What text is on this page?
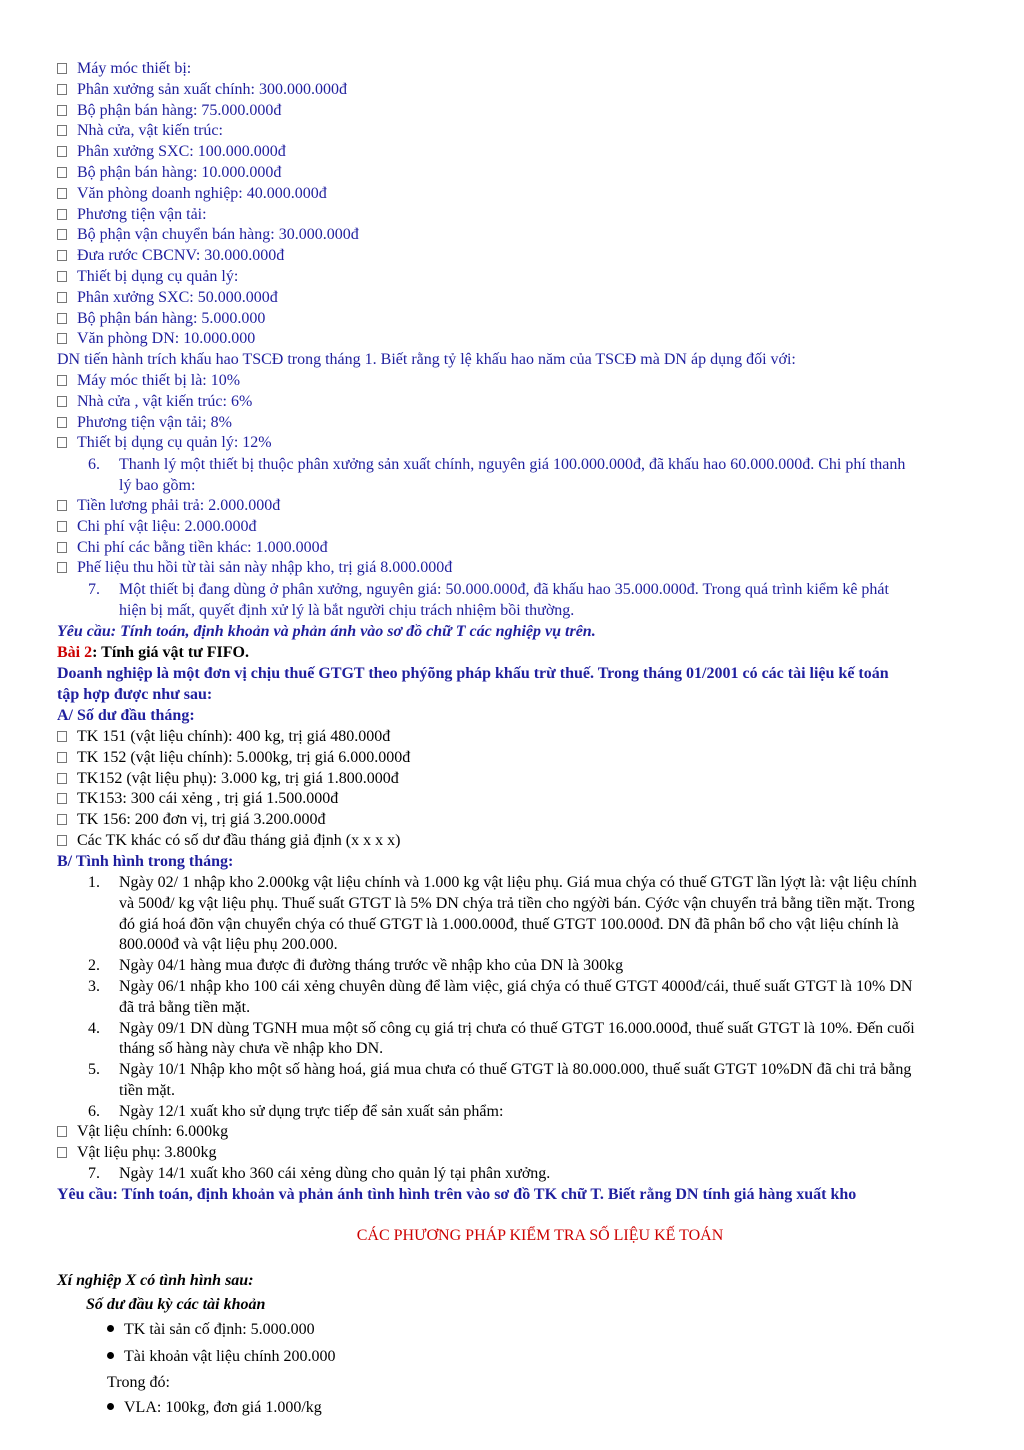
Máy móc thiết bị:
Phân xưởng sản xuất chính: 300.000.000đ
Bộ phận bán hàng: 75.000.000đ
Nhà cửa, vật kiến trúc:
Phân xưởng SXC: 100.000.000đ
Bộ phận bán hàng: 10.000.000đ
Văn phòng doanh nghiệp: 40.000.000đ
Phương tiện vận tải:
Bộ phận vận chuyển bán hàng: 30.000.000đ
Đưa rước CBCNV: 30.000.000đ
Thiết bị dụng cụ quản lý:
Phân xưởng SXC: 50.000.000đ
Bộ phận bán hàng: 5.000.000
Văn phòng DN: 10.000.000
DN tiến hành trích khấu hao TSCĐ trong tháng 1. Biết rằng tỷ lệ khấu hao năm của TSCĐ mà DN áp dụng đối với:
Máy móc thiết bị là: 10%
Nhà cửa , vật kiến trúc: 6%
Phương tiện vận tải; 8%
Thiết bị dụng cụ quản lý: 12%
6. Thanh lý một thiết bị thuộc phân xưởng sản xuất chính, nguyên giá 100.000.000đ, đã khấu hao 60.000.000đ. Chi phí thanh
lý bao gồm:
Tiền lương phải trả: 2.000.000đ
Chi phí vật liệu: 2.000.000đ
Chi phí các bằng tiền khác: 1.000.000đ
Phế liệu thu hồi từ tài sản này nhập kho, trị giá 8.000.000đ
7. Một thiết bị đang dùng ở phân xưởng, nguyên giá: 50.000.000đ, đã khấu hao 35.000.000đ. Trong quá trình kiểm kê phát
hiện bị mất, quyết định xử lý là bắt người chịu trách nhiệm bồi thường.
Yêu cầu: Tính toán, định khoản và phản ánh vào sơ đồ chữ T các nghiệp vụ trên.
Bài 2: Tính giá vật tư FIFO.
Doanh nghiệp là một đơn vị chịu thuế GTGT theo phýõng pháp khấu trừ thuế. Trong tháng 01/2001 có các tài liệu kế toán
tập hợp được như sau:
A/ Số dư đầu tháng:
TK 151 (vật liệu chính): 400 kg, trị giá 480.000đ
TK 152 (vật liệu chính): 5.000kg, trị giá 6.000.000đ
TK152 (vật liệu phụ): 3.000 kg, trị giá 1.800.000đ
TK153: 300 cái xẻng , trị giá 1.500.000đ
TK 156: 200 đơn vị, trị giá 3.200.000đ
Các TK khác có số dư đầu tháng giả định (x x x x)
B/ Tình hình trong tháng:
1. Ngày 02/ 1 nhập kho 2.000kg vật liệu chính và 1.000 kg vật liệu phụ. Giá mua chýa có thuế GTGT lần lýợt là: vật liệu chính
và 500đ/ kg vật liệu phụ. Thuế suất GTGT là 5% DN chýa trả tiền cho ngýời bán. Cýớc vận chuyển trả bằng tiền mặt. Trong
đó giá hoá đõn vận chuyển chýa có thuế GTGT là 1.000.000đ, thuế GTGT 100.000đ. DN đã phân bổ cho vật liệu chính là
800.000đ và vật liệu phụ 200.000.
2. Ngày 04/1 hàng mua được đi đường tháng trước về nhập kho của DN là 300kg
3. Ngày 06/1 nhập kho 100 cái xẻng chuyên dùng để làm việc, giá chýa có thuế GTGT 4000đ/cái, thuế suất GTGT là 10% DN
đã trả bằng tiền mặt.
4. Ngày 09/1 DN dùng TGNH mua một số công cụ giá trị chưa có thuế GTGT 16.000.000đ, thuế suất GTGT là 10%. Đến cuối
tháng số hàng này chưa về nhập kho DN.
5. Ngày 10/1 Nhập kho một số hàng hoá, giá mua chưa có thuế GTGT là 80.000.000, thuế suất GTGT 10%DN đã chi trả bằng
tiền mặt.
6. Ngày 12/1 xuất kho sử dụng trực tiếp để sản xuất sản phẩm:
Vật liệu chính: 6.000kg
Vật liệu phụ: 3.800kg
7. Ngày 14/1 xuất kho 360 cái xẻng dùng cho quản lý tại phân xưởng.
Yêu cầu: Tính toán, định khoản và phản ánh tình hình trên vào sơ đồ TK chữ T. Biết rằng DN tính giá hàng xuất kho
CÁC PHƯƠNG PHÁP KIỂM TRA SỐ LIỆU KẾ TOÁN
Xí nghiệp X có tình hình sau:
Số dư đầu kỳ các tài khoản
TK tài sản cố định: 5.000.000
Tài khoản vật liệu chính 200.000
Trong đó:
VLA: 100kg, đơn giá 1.000/kg
